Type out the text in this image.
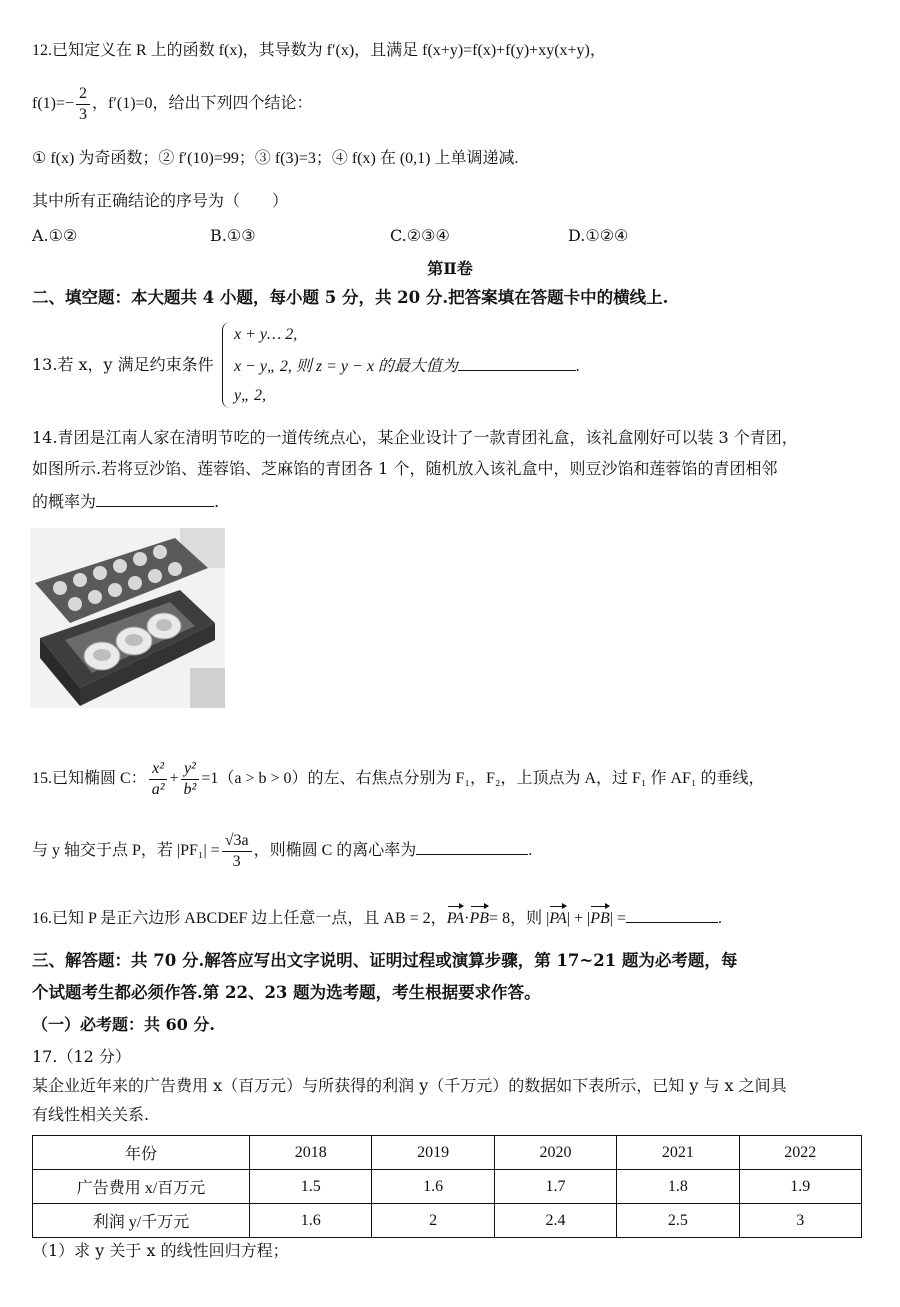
12.已知定义在 R 上的函数 f(x)，其导数为 f′(x)，且满足 f(x+y)=f(x)+f(y)+xy(x+y)，
$f(1)=- \frac{2}{3}$ ，f′(1)=0，给出下列四个结论：
① f(x) 为奇函数；② f′(10)=99；③ f(3)=3；④ f(x) 在 (0,1) 上单调递减.
其中所有正确结论的序号为（　　）
A.①②	B.①③	C.②③④	D.①②④
第Ⅱ卷
二、填空题：本大题共 4 小题，每小题 5 分，共 20 分.把答案填在答题卡中的横线上.
13.若 x，y 满足约束条件
x + y… 2,
x − y„ 2, 则 z = y − x 的最大值为	.
y„ 2,
14.青团是江南人家在清明节吃的一道传统点心，某企业设计了一款青团礼盒，该礼盒刚好可以装 3 个青团，
如图所示.若将豆沙馅、莲蓉馅、芝麻馅的青团各 1 个，随机放入该礼盒中，则豆沙馅和莲蓉馅的青团相邻
的概率为	.
15.已知椭圆 C： $\frac{\text{x²}}{\text{a²}} + \frac{\text{y²}}{\text{b²}} =1(a > b > 0)$的左、右焦点分别为 F₁，F₂，上顶点为 A，过 F₁ 作 AF₁ 的垂线，
与 y 轴交于点 P，若 $|PF_1| = \frac{√3a}{3}$ ，则椭圆 C 的离心率为	.
16.已知 P 是正六边形 ABCDEF 边上任意一点，且 AB = 2，PA·PB= 8，则 |PA| + |PB| =	.
三、解答题：共 70 分.解答应写出文字说明、证明过程或演算步骤，第 17~21 题为必考题，每
个试题考生都必须作答.第 22、23 题为选考题，考生根据要求作答。
（一）必考题：共 60 分.
17.（12 分）
某企业近年来的广告费用 x（百万元）与所获得的利润 y（千万元）的数据如下表所示，已知 y 与 x 之间具
有线性相关关系.
年份	2018	2019	2020	2021	2022
广告费用 x/百万元	1.5	1.6	1.7	1.8	1.9
利润 y/千万元	1.6	2	2.4	2.5	3
（1）求 y 关于 x 的线性回归方程；
